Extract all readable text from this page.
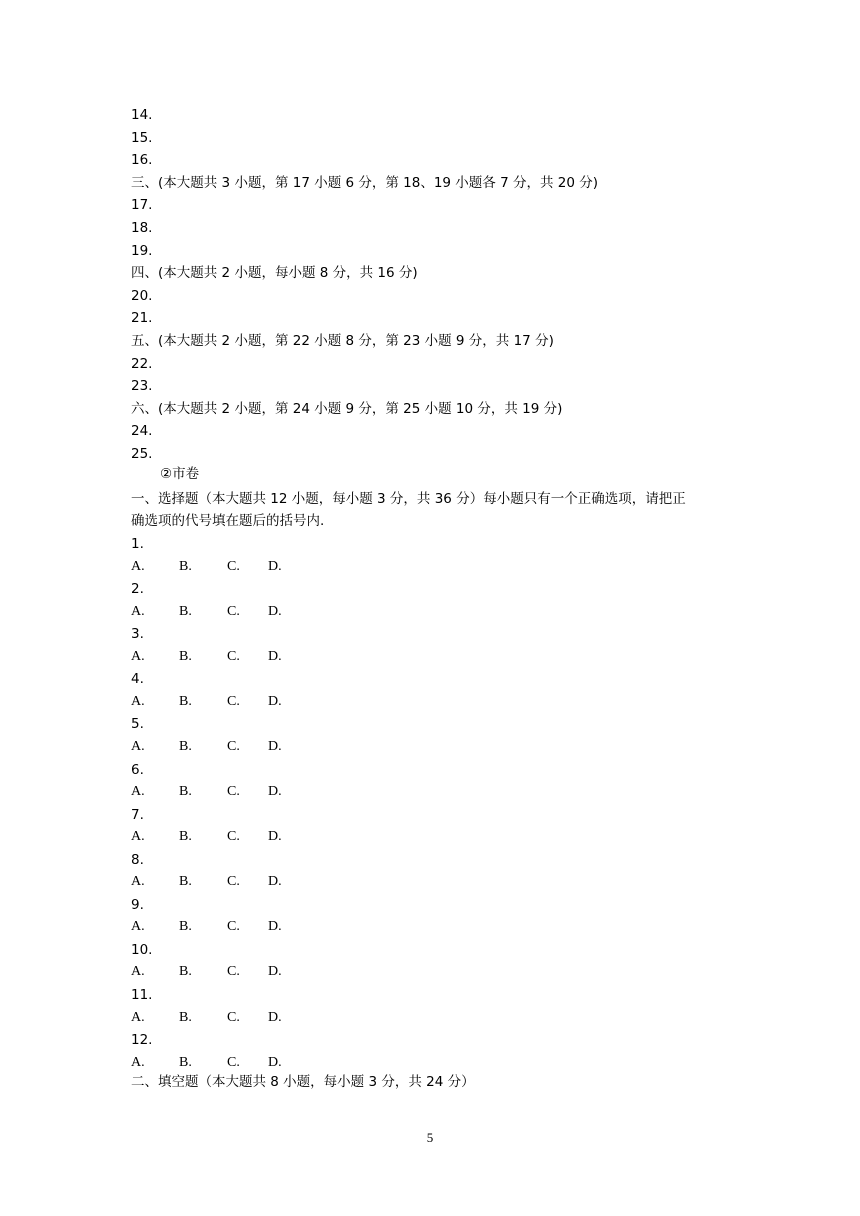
14.
15.
16.
三、(本大题共 3 小题，第 17 小题 6 分，第 18、19 小题各 7 分，共 20 分)
17.
18.
19.
四、(本大题共 2 小题，每小题 8 分，共 16 分)
20.
21.
五、(本大题共 2 小题，第 22 小题 8 分，第 23 小题 9 分，共 17 分)
22.
23.
六、(本大题共 2 小题，第 24 小题 9 分，第 25 小题 10 分，共 19 分)
24.
25.
②市卷
一、选择题（本大题共 12 小题，每小题 3 分，共 36 分）每小题只有一个正确选项，请把正
确选项的代号填在题后的括号内.
1.
A. B.	C. D.
2.
A. B.	C. D.
3.
A. B.	C. D.
4.
A. B.	C. D.
5.
A. B.	C. D.
6.
A. B.	C. D.
7.
A. B.	C. D.
8.
A. B.	C. D.
9.
A. B.	C. D.
10.
A. B.	C. D.
11.
A. B.	C. D.
12.
A. B.	C. D.
二、填空题（本大题共 8 小题，每小题 3 分，共 24 分）
5
